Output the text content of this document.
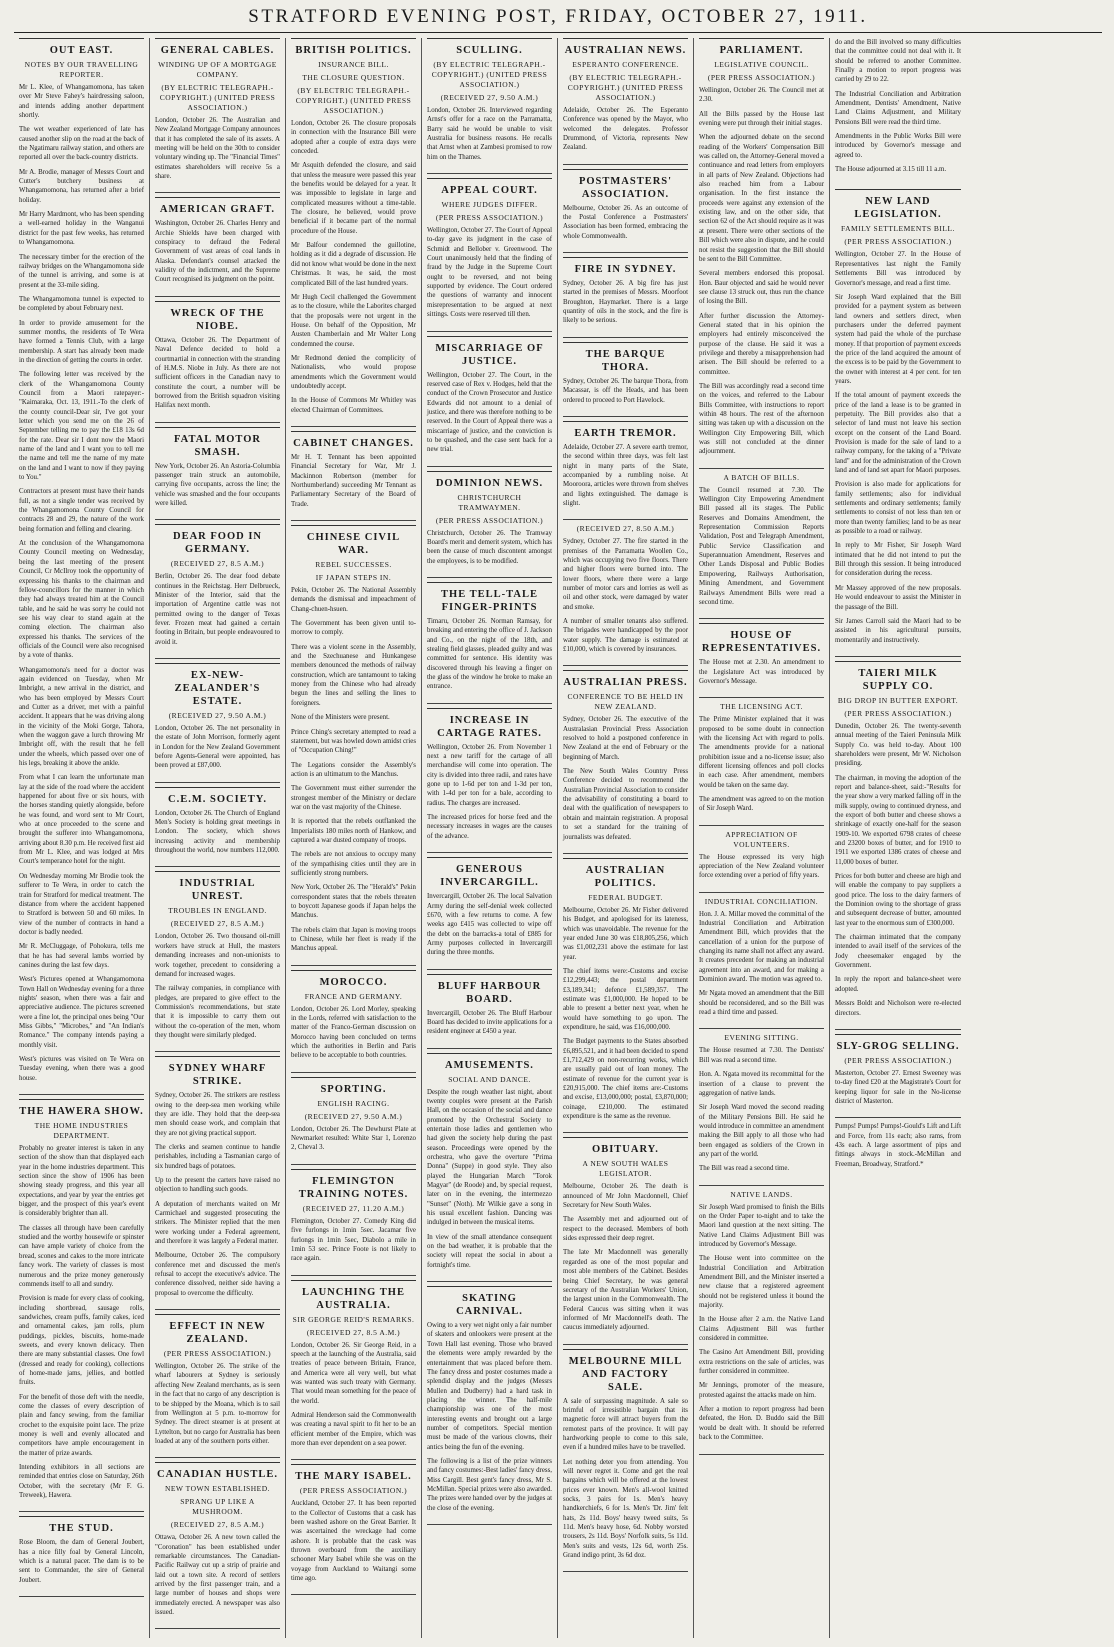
STRATFORD EVENING POST, FRIDAY, OCTOBER 27, 1911.
OUT EAST.
NOTES BY OUR TRAVELLING REPORTER.

Mr L. Klee, of Whangamomona, has taken over Mr Steve Fahey's hairdressing saloon, and intends adding another department shortly.

The wet weather experienced of late has caused another slip on the road at the back of the Ngatimaru railway station, and others are reported all over the back-country districts.

Mr A. Brodie, manager of Messrs Court and Cutter's butchery business at Whangamomona, has returned after a brief holiday.

Mr Harry Mardmont, who has been spending a well-earned holiday in the Wanganui district for the past few weeks, has returned to Whangamomona.

The necessary timber for the erection of the railway bridges on the Whangamomona side of the tunnel is arriving, and some is at present at the 33-mile siding.

The Whangamomona tunnel is expected to be completed by about February next.

In order to provide amusement for the summer months, the residents of Te Wera have formed a Tennis Club, with a large membership. A start has already been made in the direction of getting the courts in order.

The following letter was received by the clerk of the Whangamomona County Council from a Maori ratepayer:-"Kaimaraka, Oct. 13, 1911.-To the clerk of the county council-Dear sir, I've got your letter which you send me on the 26 of September telling me to pay the £18 13s 6d for the rate. Dear sir I dont now the Maori name of the land and I want you to tell me the name and tell me the name of my mate on the land and I want to now if they paying to You."

Contractors at present must have their hands full, as not a single tender was received by the Whangamomona County Council for contracts 28 and 29, the nature of the work being formation and felling and clearing.

At the conclusion of the Whangamomona County Council meeting on Wednesday, being the last meeting of the present Council, Cr McIlroy took the opportunity of expressing his thanks to the chairman and fellow-councillors for the manner in which they had always treated him at the Council table, and he said he was sorry he could not see his way clear to stand again at the coming election. The chairman also expressed his thanks. The services of the officials of the Council were also recognised by a vote of thanks.

Whangamomona's need for a doctor was again evidenced on Tuesday, when Mr Imbright, a new arrival in the district, and who has been employed by Messrs Court and Cutter as a driver, met with a painful accident. It appears that he was driving along in the vicinity of the Moki Gorge, Tahora, when the waggon gave a lurch throwing Mr Imbright off, with the result that he fell under the wheels, which passed over one of his legs, breaking it above the ankle.

From what I can learn the unfortunate man lay at the side of the road where the accident happened for about five or six hours, with the horses standing quietly alongside, before he was found, and word sent to Mr Court, who at once proceeded to the scene and brought the sufferer into Whangamomona, arriving about 8.30 p.m. He received first aid from Mr L. Klee, and was lodged at Mrs Court's temperance hotel for the night.

On Wednesday morning Mr Brodie took the sufferer to Te Wera, in order to catch the train for Stratford for medical treatment. The distance from where the accident happened to Stratford is between 50 and 60 miles. In view of the number of contracts in hand a doctor is badly needed.

Mr R. McCluggage, of Pohokura, tells me that he has had several lambs worried by canines during the last few days.

West's Pictures opened at Whangamomona Town Hall on Wednesday evening for a three nights' season, when there was a fair and appreciative audience. The pictures screened were a fine lot, the principal ones being "Our Miss Gibbs," "Microbes," and "An Indian's Romance." The company intends paying a monthly visit.

West's pictures was visited on Te Wera on Tuesday evening, when there was a good house.

THE HAWERA SHOW.
THE HOME INDUSTRIES DEPARTMENT.

Probably no greater interest is taken in any section of the show than that displayed each year in the home industries department. This section since the show of 1906 has been showing steady progress, and this year all expectations, and year by year the entries get bigger, and the prospect of this year's event is considerably brighter than all.

The classes all through have been carefully studied and the worthy housewife or spinster can have ample variety of choice from the bread, scones and cakes to the more intricate fancy work. The variety of classes is most numerous and the prize money generously commends itself to all and sundry.

Provision is made for every class of cooking, including shortbread, sausage rolls, sandwiches, cream puffs, family cakes, iced and ornamental cakes, jam rolls, plum puddings, pickles, biscuits, home-made sweets, and every known delicacy. Then there are many substantial classes. One fowl (dressed and ready for cooking), collections of home-made jams, jellies, and bottled fruits.

For the benefit of those deft with the needle, come the classes of every description of plain and fancy sewing, from the familiar crochet to the exquisite point lace. The prize money is well and evenly allocated and competitors have ample encouragement in the matter of prize awards.

Intending exhibitors in all sections are reminded that entries close on Saturday, 26th October, with the secretary (Mr F. G. Treweek), Hawera.

THE STUD.

Rose Bloom, the dam of General Joubert, has a nice filly foal by General Lincoln, which is a natural pacer. The dam is to be sent to Commander, the sire of General Joubert.

GENERAL CABLES.
WINDING UP OF A MORTGAGE COMPANY.
(BY ELECTRIC TELEGRAPH.-COPYRIGHT.) (UNITED PRESS ASSOCIATION.)

London, October 26. The Australian and New Zealand Mortgage Company announces that it has completed the sale of its assets. A meeting will be held on the 30th to consider voluntary winding up. The "Financial Times" estimates shareholders will receive 5s a share.

AMERICAN GRAFT.

Washington, October 26. Charles Henry and Archie Shields have been charged with conspiracy to defraud the Federal Government of vast areas of coal lands in Alaska. Defendant's counsel attacked the validity of the indictment, and the Supreme Court recognised its judgment on the point.

WRECK OF THE NIOBE.

Ottawa, October 26. The Department of Naval Defence decided to hold a courtmartial in connection with the stranding of H.M.S. Niobe in July. As there are not sufficient officers in the Canadian navy to constitute the court, a number will be borrowed from the British squadron visiting Halifax next month.

FATAL MOTOR SMASH.

New York, October 26. An Astoria-Columbia passenger train struck an automobile, carrying five occupants, across the line; the vehicle was smashed and the four occupants were killed.

DEAR FOOD IN GERMANY.
(RECEIVED 27, 8.5 A.M.)

Berlin, October 26. The dear food debate continues in the Reichstag. Herr Delbrueck, Minister of the Interior, said that the importation of Argentine cattle was not permitted owing to the danger of Texas fever. Frozen meat had gained a certain footing in Britain, but people endeavoured to avoid it.

EX-NEW-ZEALANDER'S ESTATE.
(RECEIVED 27, 9.50 A.M.)

London, October 26. The net personality in the estate of John Morrison, formerly agent in London for the New Zealand Government before Agents-General were appointed, has been proved at £87,000.

C.E.M. SOCIETY.

London, October 26. The Church of England Men's Society is holding great meetings in London. The society, which shows increasing activity and membership throughout the world, now numbers 112,000.

INDUSTRIAL UNREST.
TROUBLES IN ENGLAND.
(RECEIVED 27, 8.5 A.M.)

London, October 26. Two thousand oil-mill workers have struck at Hull, the masters demanding increases and non-unionists to work together, precedent to considering a demand for increased wages.

The railway companies, in compliance with pledges, are prepared to give effect to the Commission's recommendations, but state that it is impossible to carry them out without the co-operation of the men, whom they thought were similarly pledged.

SYDNEY WHARF STRIKE.

Sydney, October 26. The strikers are restless owing to the deep-sea men working while they are idle. They hold that the deep-sea men should cease work, and complain that they are not giving practical support.

The clerks and seamen continue to handle perishables, including a Tasmanian cargo of six hundred bags of potatoes.

Up to the present the carters have raised no objection to handling such goods.

A deputation of merchants waited on Mr Carmichael and suggested prosecuting the strikers. The Minister replied that the men were working under a Federal agreement, and therefore it was largely a Federal matter.

Melbourne, October 26. The compulsory conference met and discussed the men's refusal to accept the executive's advice. The conference dissolved, neither side having a proposal to overcome the difficulty.

EFFECT IN NEW ZEALAND.
(PER PRESS ASSOCIATION.)

Wellington, October 26. The strike of the wharf labourers at Sydney is seriously affecting New Zealand merchants, as is seen in the fact that no cargo of any description is to be shipped by the Moana, which is to sail from Wellington at 5 p.m. to-morrow for Sydney. The direct steamer is at present at Lyttelton, but no cargo for Australia has been loaded at any of the southern ports either.

CANADIAN HUSTLE.
NEW TOWN ESTABLISHED.
SPRANG UP LIKE A MUSHROOM.
(RECEIVED 27, 8.5 A.M.)

Ottawa, October 26. A new town called the "Coronation" has been established under remarkable circumstances. The Canadian-Pacific Railway cut up a strip of prairie and laid out a town site. A record of settlers arrived by the first passenger train, and a large number of houses and shops were immediately erected. A newspaper was also issued.

BRITISH POLITICS.
INSURANCE BILL.
THE CLOSURE QUESTION.
(BY ELECTRIC TELEGRAPH.-COPYRIGHT.) (UNITED PRESS ASSOCIATION.)

London, October 26. The closure proposals in connection with the Insurance Bill were adopted after a couple of extra days were conceded.

Mr Asquith defended the closure, and said that unless the measure were passed this year the benefits would be delayed for a year. It was impossible to legislate in large and complicated measures without a time-table. The closure, he believed, would prove beneficial if it became part of the normal procedure of the House.

Mr Balfour condemned the guillotine, holding as it did a degrade of discussion. He did not know what would be done in the next Christmas. It was, he said, the most complicated Bill of the last hundred years.

Mr Hugh Cecil challenged the Government as to the closure, while the Laborites charged that the proposals were not urgent in the House. On behalf of the Opposition, Mr Austen Chamberlain and Mr Walter Long condemned the course.

Mr Redmond denied the complicity of Nationalists, who would propose amendments which the Government would undoubtedly accept.

In the House of Commons Mr Whitley was elected Chairman of Committees.

CABINET CHANGES.

Mr H. T. Tennant has been appointed Financial Secretary for War, Mr J. Mackinnon Robertson (member for Northumberland) succeeding Mr Tennant as Parliamentary Secretary of the Board of Trade.

CHINESE CIVIL WAR.
REBEL SUCCESSES.
IF JAPAN STEPS IN.

Pekin, October 26. The National Assembly demands the dismissal and impeachment of Chang-chuen-hsuen.

The Government has been given until to-morrow to comply.

There was a violent scene in the Assembly, and the Szechuanese and Hunkangese members denounced the methods of railway construction, which are tantamount to taking money from the Chinese who had already begun the lines and selling the lines to foreigners.

None of the Ministers were present.

Prince Ching's secretary attempted to read a statement, but was howled down amidst cries of "Occupation Ching!"

The Legations consider the Assembly's action is an ultimatum to the Manchus.

The Government must either surrender the strongest member of the Ministry or declare war on the vast majority of the Chinese.

It is reported that the rebels outflanked the Imperialists 180 miles north of Hankow, and captured a war dusted company of troops.

The rebels are not anxious to occupy many of the sympathising cities until they are in sufficiently strong numbers.

New York, October 26. The "Herald's" Pekin correspondent states that the rebels threaten to boycott Japanese goods if Japan helps the Manchus.

The rebels claim that Japan is moving troops to Chinese, while her fleet is ready if the Manchus appeal.

MOROCCO.
FRANCE AND GERMANY.

London, October 26. Lord Morley, speaking in the Lords, referred with satisfaction to the matter of the Franco-German discussion on Morocco having been concluded on terms which the authorities in Berlin and Paris believe to be acceptable to both countries.

SPORTING.
ENGLISH RACING.
(RECEIVED 27, 9.50 A.M.)

London, October 26. The Dewhurst Plate at Newmarket resulted: White Star 1, Lorenzo 2, Cheval 3.

FLEMINGTON TRAINING NOTES.
(RECEIVED 27, 11.20 A.M.)

Flemington, October 27. Comedy King did five furlongs in 1min 5sec. Jacamar five furlongs in 1min 5sec, Diabolo a mile in 1min 53 sec. Prince Foote is not likely to race again.

LAUNCHING THE AUSTRALIA.
SIR GEORGE REID'S REMARKS.
(RECEIVED 27, 8.5 A.M.)

London, October 26. Sir George Reid, in a speech at the launching of the Australia, said treaties of peace between Britain, France, and America were all very well, but what was wanted was such treaty with Germany. That would mean something for the peace of the world.

Admiral Henderson said the Commonwealth was creating a naval spirit to fit her to be an efficient member of the Empire, which was more than ever dependent on a sea power.

THE MARY ISABEL.
(PER PRESS ASSOCIATION.)

Auckland, October 27. It has been reported to the Collector of Customs that a cask has been washed ashore on the Great Barrier. It was ascertained the wreckage had come ashore. It is probable that the cask was thrown overboard from the auxiliary schooner Mary Isabel while she was on the voyage from Auckland to Waitangi some time ago.

SCULLING.
(BY ELECTRIC TELEGRAPH.-COPYRIGHT.) (UNITED PRESS ASSOCIATION.)
(RECEIVED 27, 9.50 A.M.)

London, October 26. Interviewed regarding Arnst's offer for a race on the Parramatta, Barry said he would be unable to visit Australia for business reasons. He recalls that Arnst when at Zambesi promised to row him on the Thames.

APPEAL COURT.
WHERE JUDGES DIFFER.
(PER PRESS ASSOCIATION.)

Wellington, October 27. The Court of Appeal to-day gave its judgment in the case of Schmidt and Bellober v. Greenwood. The Court unanimously held that the finding of fraud by the Judge in the Supreme Court ought to be reversed, and not being supported by evidence. The Court ordered the questions of warranty and innocent misrepresentation to be argued at next sittings. Costs were reserved till then.

MISCARRIAGE OF JUSTICE.

Wellington, October 27. The Court, in the reserved case of Rex v. Hodges, held that the conduct of the Crown Prosecutor and Justice Edwards did not amount to a denial of justice, and there was therefore nothing to be reserved. In the Court of Appeal there was a miscarriage of justice, and the conviction is to be quashed, and the case sent back for a new trial.

DOMINION NEWS.
CHRISTCHURCH TRAMWAYMEN.
(PER PRESS ASSOCIATION.)

Christchurch, October 26. The Tramway Board's merit and demerit system, which has been the cause of much discontent amongst the employees, is to be modified.

THE TELL-TALE FINGER-PRINTS

Timaru, October 26. Norman Ramsay, for breaking and entering the office of J. Jackson and Co., on the night of the 18th, and stealing field glasses, pleaded guilty and was committed for sentence. His identity was discovered through his leaving a finger on the glass of the window he broke to make an entrance.

INCREASE IN CARTAGE RATES.

Wellington, October 26. From November 1 next a new tariff for the cartage of all merchandise will come into operation. The city is divided into three radii, and rates have gone up to 1-6d per ton and 1-3d per ton, with 1-4d per ton for a bale, according to radius. The charges are increased.

The increased prices for horse feed and the necessary increases in wages are the causes of the advance.

GENEROUS INVERCARGILL.

Invercargill, October 26. The local Salvation Army during the self-denial week collected £670, with a few returns to come. A few weeks ago £415 was collected to wipe off the debt on the barracks-a total of £885 for Army purposes collected in Invercargill during the three months.

BLUFF HARBOUR BOARD.

Invercargill, October 26. The Bluff Harbour Board has decided to invite applications for a resident engineer at £450 a year.

AMUSEMENTS.
SOCIAL AND DANCE.

Despite the rough weather last night, about twenty couples were present at the Parish Hall, on the occasion of the social and dance promoted by the Orchestral Society to entertain those ladies and gentlemen who had given the society help during the past season. Proceedings were opened by the orchestra, who gave the overture "Prima Donna" (Suppe) in good style. They also played the Hungarian March "Torok Magyar" (de Roode) and, by special request, later on in the evening, the intermezzo "Sunset" (Noth). Mr Wilkie gave a song in his usual excellent fashion. Dancing was indulged in between the musical items.

In view of the small attendance consequent on the bad weather, it is probable that the society will repeat the social in about a fortnight's time.

SKATING CARNIVAL.

Owing to a very wet night only a fair number of skaters and onlookers were present at the Town Hall last evening. Those who braved the elements were amply rewarded by the entertainment that was placed before them. The fancy dress and poster costumes made a splendid display and the judges (Messrs Mullen and Dudberry) had a hard task in placing the winner. The half-mile championship was one of the most interesting events and brought out a large number of competitors. Special mention must be made of the various clowns, their antics being the fun of the evening.

The following is a list of the prize winners and fancy costumes:-Best ladies' fancy dress, Miss Cargill. Best gent's fancy dress, Mr S. McMillan. Special prizes were also awarded. The prizes were handed over by the judges at the close of the evening.

AUSTRALIAN NEWS.
ESPERANTO CONFERENCE.
(BY ELECTRIC TELEGRAPH.-COPYRIGHT.) (UNITED PRESS ASSOCIATION.)

Adelaide, October 26. The Esperanto Conference was opened by the Mayor, who welcomed the delegates. Professor Drummond, of Victoria, represents New Zealand.

POSTMASTERS' ASSOCIATION.

Melbourne, October 26. As an outcome of the Postal Conference a Postmasters' Association has been formed, embracing the whole Commonwealth.

FIRE IN SYDNEY.

Sydney, October 26. A big fire has just started in the premises of Messrs. Moorfoot Broughton, Haymarket. There is a large quantity of oils in the stock, and the fire is likely to be serious.

THE BARQUE THORA.

Sydney, October 26. The barque Thora, from Macassar, is off the Heads, and has been ordered to proceed to Port Havelock.

EARTH TREMOR.

Adelaide, October 27. A severe earth tremor, the second within three days, was felt last night in many parts of the State, accompanied by a rumbling noise. At Mooroora, articles were thrown from shelves and lights extinguished. The damage is slight.

(RECEIVED 27, 8.50 A.M.)

Sydney, October 27. The fire started in the premises of the Parramatta Woollen Co., which was occupying two five floors. There and higher floors were burned into. The lower floors, where there were a large number of motor cars and lorries as well as oil and other stock, were damaged by water and smoke.

A number of smaller tenants also suffered. The brigades were handicapped by the poor water supply. The damage is estimated at £10,000, which is covered by insurances.

AUSTRALIAN PRESS.
CONFERENCE TO BE HELD IN NEW ZEALAND.

Sydney, October 26. The executive of the Australasian Provincial Press Association resolved to hold a postponed conference in New Zealand at the end of February or the beginning of March.

The New South Wales Country Press Conference decided to recommend the Australian Provincial Association to consider the advisability of constituting a board to deal with the qualification of newspapers to obtain and maintain registration. A proposal to set a standard for the training of journalists was defeated.

AUSTRALIAN POLITICS.
FEDERAL BUDGET.

Melbourne, October 26. Mr Fisher delivered his Budget, and apologised for its lateness, which was unavoidable. The revenue for the year ended June 30 was £18,805,256, which was £1,002,231 above the estimate for last year.

The chief items were:-Customs and excise £12,299,443; the postal department £3,189,341; defence £1,589,357. The estimate was £1,000,000. He hoped to be able to present a better next year, when he would have something to go upon. The expenditure, he said, was £16,000,000.

The Budget payments to the States absorbed £6,895,521, and it had been decided to spend £1,712,429 on non-recurring works, which are usually paid out of loan money. The estimate of revenue for the current year is £20,915,000. The chief items are:-Customs and excise, £13,000,000; postal, £3,870,000; coinage, £210,000. The estimated expenditure is the same as the revenue.

OBITUARY.
A NEW SOUTH WALES LEGISLATOR.

Melbourne, October 26. The death is announced of Mr John Macdonnell, Chief Secretary for New South Wales.

The Assembly met and adjourned out of respect to the deceased. Members of both sides expressed their deep regret.

The late Mr Macdonnell was generally regarded as one of the most popular and most able members of the Cabinet. Besides being Chief Secretary, he was general secretary of the Australian Workers' Union, the largest union in the Commonwealth. The Federal Caucus was sitting when it was informed of Mr Macdonnell's death. The caucus immediately adjourned.

MELBOURNE MILL AND FACTORY SALE.

A sale of surpassing magnitude. A sale so brimful of irresistible bargain that its magnetic force will attract buyers from the remotest parts of the province. It will pay hardworking people to come to this sale, even if a hundred miles have to be travelled.

Let nothing deter you from attending. You will never regret it. Come and get the real bargains which will be offered at the lowest prices ever known. Men's all-wool knitted socks, 3 pairs for 1s. Men's heavy handkerchiefs, 6 for 1s. Men's 'Dr. Jim' felt hats, 2s 11d. Boys' heavy tweed suits, 5s 11d. Men's heavy hose, 6d. Nobby worsted trousers, 2s 11d. Boys' Norfolk suits, 5s 11d. Men's suits and vests, 12s 6d, worth 25s. Grand indigo print, 3s 6d doz.

PARLIAMENT.
LEGISLATIVE COUNCIL.
(PER PRESS ASSOCIATION.)

Wellington, October 26. The Council met at 2.30.

All the Bills passed by the House last evening were put through their initial stages.

When the adjourned debate on the second reading of the Workers' Compensation Bill was called on, the Attorney-General moved a continuance and read letters from employers in all parts of New Zealand. Objections had also reached him from a Labour organisation. In the first instance the proceeds were against any extension of the existing law, and on the other side, that section 62 of the Act should require as it was at present. There were other sections of the Bill which were also in dispute, and he could not resist the suggestion that the Bill should be sent to the Bill Committee.

Several members endorsed this proposal. Hon. Baur objected and said he would never see clause 13 struck out, thus run the chance of losing the Bill.

After further discussion the Attorney-General stated that in his opinion the employers had entirely misconceived the purpose of the clause. He said it was a privilege and thereby a misapprehension had arisen. The Bill should be referred to a committee.

The Bill was accordingly read a second time on the voices, and referred to the Labour Bills Committee, with instructions to report within 48 hours. The rest of the afternoon sitting was taken up with a discussion on the Wellington City Empowering Bill, which was still not concluded at the dinner adjournment.

A BATCH OF BILLS.

The Council resumed at 7.30. The Wellington City Empowering Amendment Bill passed all its stages. The Public Reserves and Domains Amendment, the Representation Commission Reports Validation, Post and Telegraph Amendment, Public Service Classification and Superannuation Amendment, Reserves and Other Lands Disposal and Public Bodies Empowering, Railways Authorisation, Mining Amendment, and Government Railways Amendment Bills were read a second time.

HOUSE OF REPRESENTATIVES.

The House met at 2.30. An amendment to the Legislature Act was introduced by Governor's Message.

THE LICENSING ACT.

The Prime Minister explained that it was proposed to be some doubt in connection with the licensing Act with regard to polls. The amendments provide for a national prohibition issue and a no-license issue; also different licensing offences and poll clocks in each case. After amendment, members would be taken on the same day.

The amendment was agreed to on the motion of Sir Joseph Ward.

APPRECIATION OF VOLUNTEERS.

The House expressed its very high appreciation of the New Zealand volunteer force extending over a period of fifty years.

INDUSTRIAL CONCILIATION.

Hon. J. A. Millar moved the committal of the Industrial Conciliation and Arbitration Amendment Bill, which provides that the cancellation of a union for the purpose of changing its name shall not affect any award. It creates precedent for making an industrial agreement into an award, and for making a Dominion award. The motion was agreed to.

Mr Ngata moved an amendment that the Bill should be reconsidered, and so the Bill was read a third time and passed.

EVENING SITTING.

The House resumed at 7.30. The Dentists' Bill was read a second time.

Hon. A. Ngata moved its recommittal for the insertion of a clause to prevent the aggregation of native lands.

Sir Joseph Ward moved the second reading of the Military Pensions Bill. He said he would introduce in committee an amendment making the Bill apply to all those who had been engaged as soldiers of the Crown in any part of the world.

The Bill was read a second time.

NATIVE LANDS.

Sir Joseph Ward promised to finish the Bills on the Order Paper to-night and to take the Maori land question at the next sitting. The Native Land Claims Adjustment Bill was introduced by Governor's Message.

The House went into committee on the Industrial Conciliation and Arbitration Amendment Bill, and the Minister inserted a new clause that a registered agreement should not be registered unless it bound the majority.

In the House after 2 a.m. the Native Land Claims Adjustment Bill was further considered in committee.

The Casino Art Amendment Bill, providing extra restrictions on the sale of articles, was further considered in committee.

Mr Jennings, promoter of the measure, protested against the attacks made on him.

After a motion to report progress had been defeated, the Hon. D. Buddo said the Bill would be dealt with. It should be referred back to the Committee.

do and the Bill involved so many difficulties that the committee could not deal with it. It should be referred to another Committee. Finally a motion to report progress was carried by 29 to 22.

The Industrial Conciliation and Arbitration Amendment, Dentists' Amendment, Native Land Claims Adjustment, and Military Pensions Bill were read the third time.

Amendments in the Public Works Bill were introduced by Governor's message and agreed to.

The House adjourned at 3.15 till 11 a.m.

NEW LAND LEGISLATION.
FAMILY SETTLEMENTS BILL.
(PER PRESS ASSOCIATION.)

Wellington, October 27. In the House of Representatives last night the Family Settlements Bill was introduced by Governor's message, and read a first time.

Sir Joseph Ward explained that the Bill provided for a payment system as between land owners and settlers direct, when purchasers under the deferred payment system had paid the whole of the purchase money. If that proportion of payment exceeds the price of the land acquired the amount of the excess is to be paid by the Government to the owner with interest at 4 per cent. for ten years.

If the total amount of payment exceeds the price of the land a lease is to be granted in perpetuity. The Bill provides also that a selector of land must not leave his section except on the consent of the Land Board. Provision is made for the sale of land to a railway company, for the taking of a "Private land" and for the administration of the Crown land and of land set apart for Maori purposes.

Provision is also made for applications for family settlements; also for individual settlements and ordinary settlements; family settlements to consist of not less than ten or more than twenty families; land to be as near as possible to a road or railway.

In reply to Mr Fisher, Sir Joseph Ward intimated that he did not intend to put the Bill through this session. It being introduced for consideration during the recess.

Mr Massey approved of the new proposals. He would endeavour to assist the Minister in the passage of the Bill.

Sir James Carroll said the Maori had to be assisted in his agricultural pursuits, momentarily and instructively.

TAIERI MILK SUPPLY CO.
BIG DROP IN BUTTER EXPORT.
(PER PRESS ASSOCIATION.)

Dunedin, October 26. The twenty-seventh annual meeting of the Taieri Peninsula Milk Supply Co. was held to-day. About 100 shareholders were present, Mr W. Nicholson presiding.

The chairman, in moving the adoption of the report and balance-sheet, said:-"Results for the year show a very marked falling off in the milk supply, owing to continued dryness, and the export of both butter and cheese shows a shrinkage of exactly one-half for the season 1909-10. We exported 6798 crates of cheese and 23200 boxes of butter, and for 1910 to 1911 we exported 1386 crates of cheese and 11,000 boxes of butter.

Prices for both butter and cheese are high and will enable the company to pay suppliers a good price. The loss to the dairy farmers of the Dominion owing to the shortage of grass and subsequent decrease of butter, amounted last year to the enormous sum of £300,000.

The chairman intimated that the company intended to avail itself of the services of the Jody cheesemaker engaged by the Government.

In reply the report and balance-sheet were adopted.

Messrs Boldt and Nicholson were re-elected directors.

SLY-GROG SELLING.
(PER PRESS ASSOCIATION.)

Masterton, October 27. Ernest Sweeney was to-day fined £20 at the Magistrate's Court for keeping liquor for sale in the No-license district of Masterton.

Pumps! Pumps! Pumps!-Gould's Lift and Lift and Force, from 11s each; also rams, from 43s each. A large assortment of pips and fittings always in stock.-McMillan and Freeman, Broadway, Stratford.*
